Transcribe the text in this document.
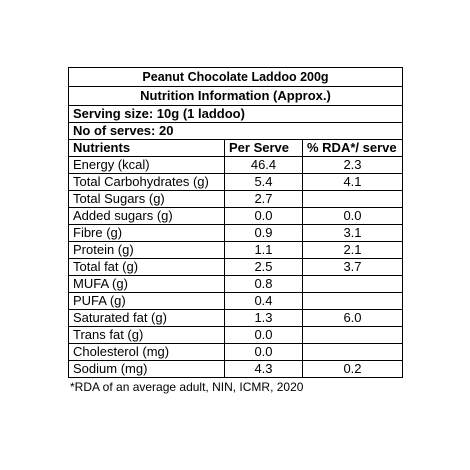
Peanut Chocolate Laddoo 200g		
Nutrition Information (Approx.)		
Serving size: 10g (1 laddoo)		
No of serves: 20		
Nutrients	Per Serve	% RDA*/ serve
Energy (kcal)	46.4	2.3
Total Carbohydrates (g)	5.4	4.1
Total Sugars (g)	2.7	
Added sugars (g)	0.0	0.0
Fibre (g)	0.9	3.1
Protein (g)	1.1	2.1
Total fat (g)	2.5	3.7
MUFA (g)	0.8	
PUFA (g)	0.4	
Saturated fat (g)	1.3	6.0
Trans fat (g)	0.0	
Cholesterol (mg)	0.0	
Sodium (mg)	4.3	0.2
*RDA of an average adult, NIN, ICMR, 2020
